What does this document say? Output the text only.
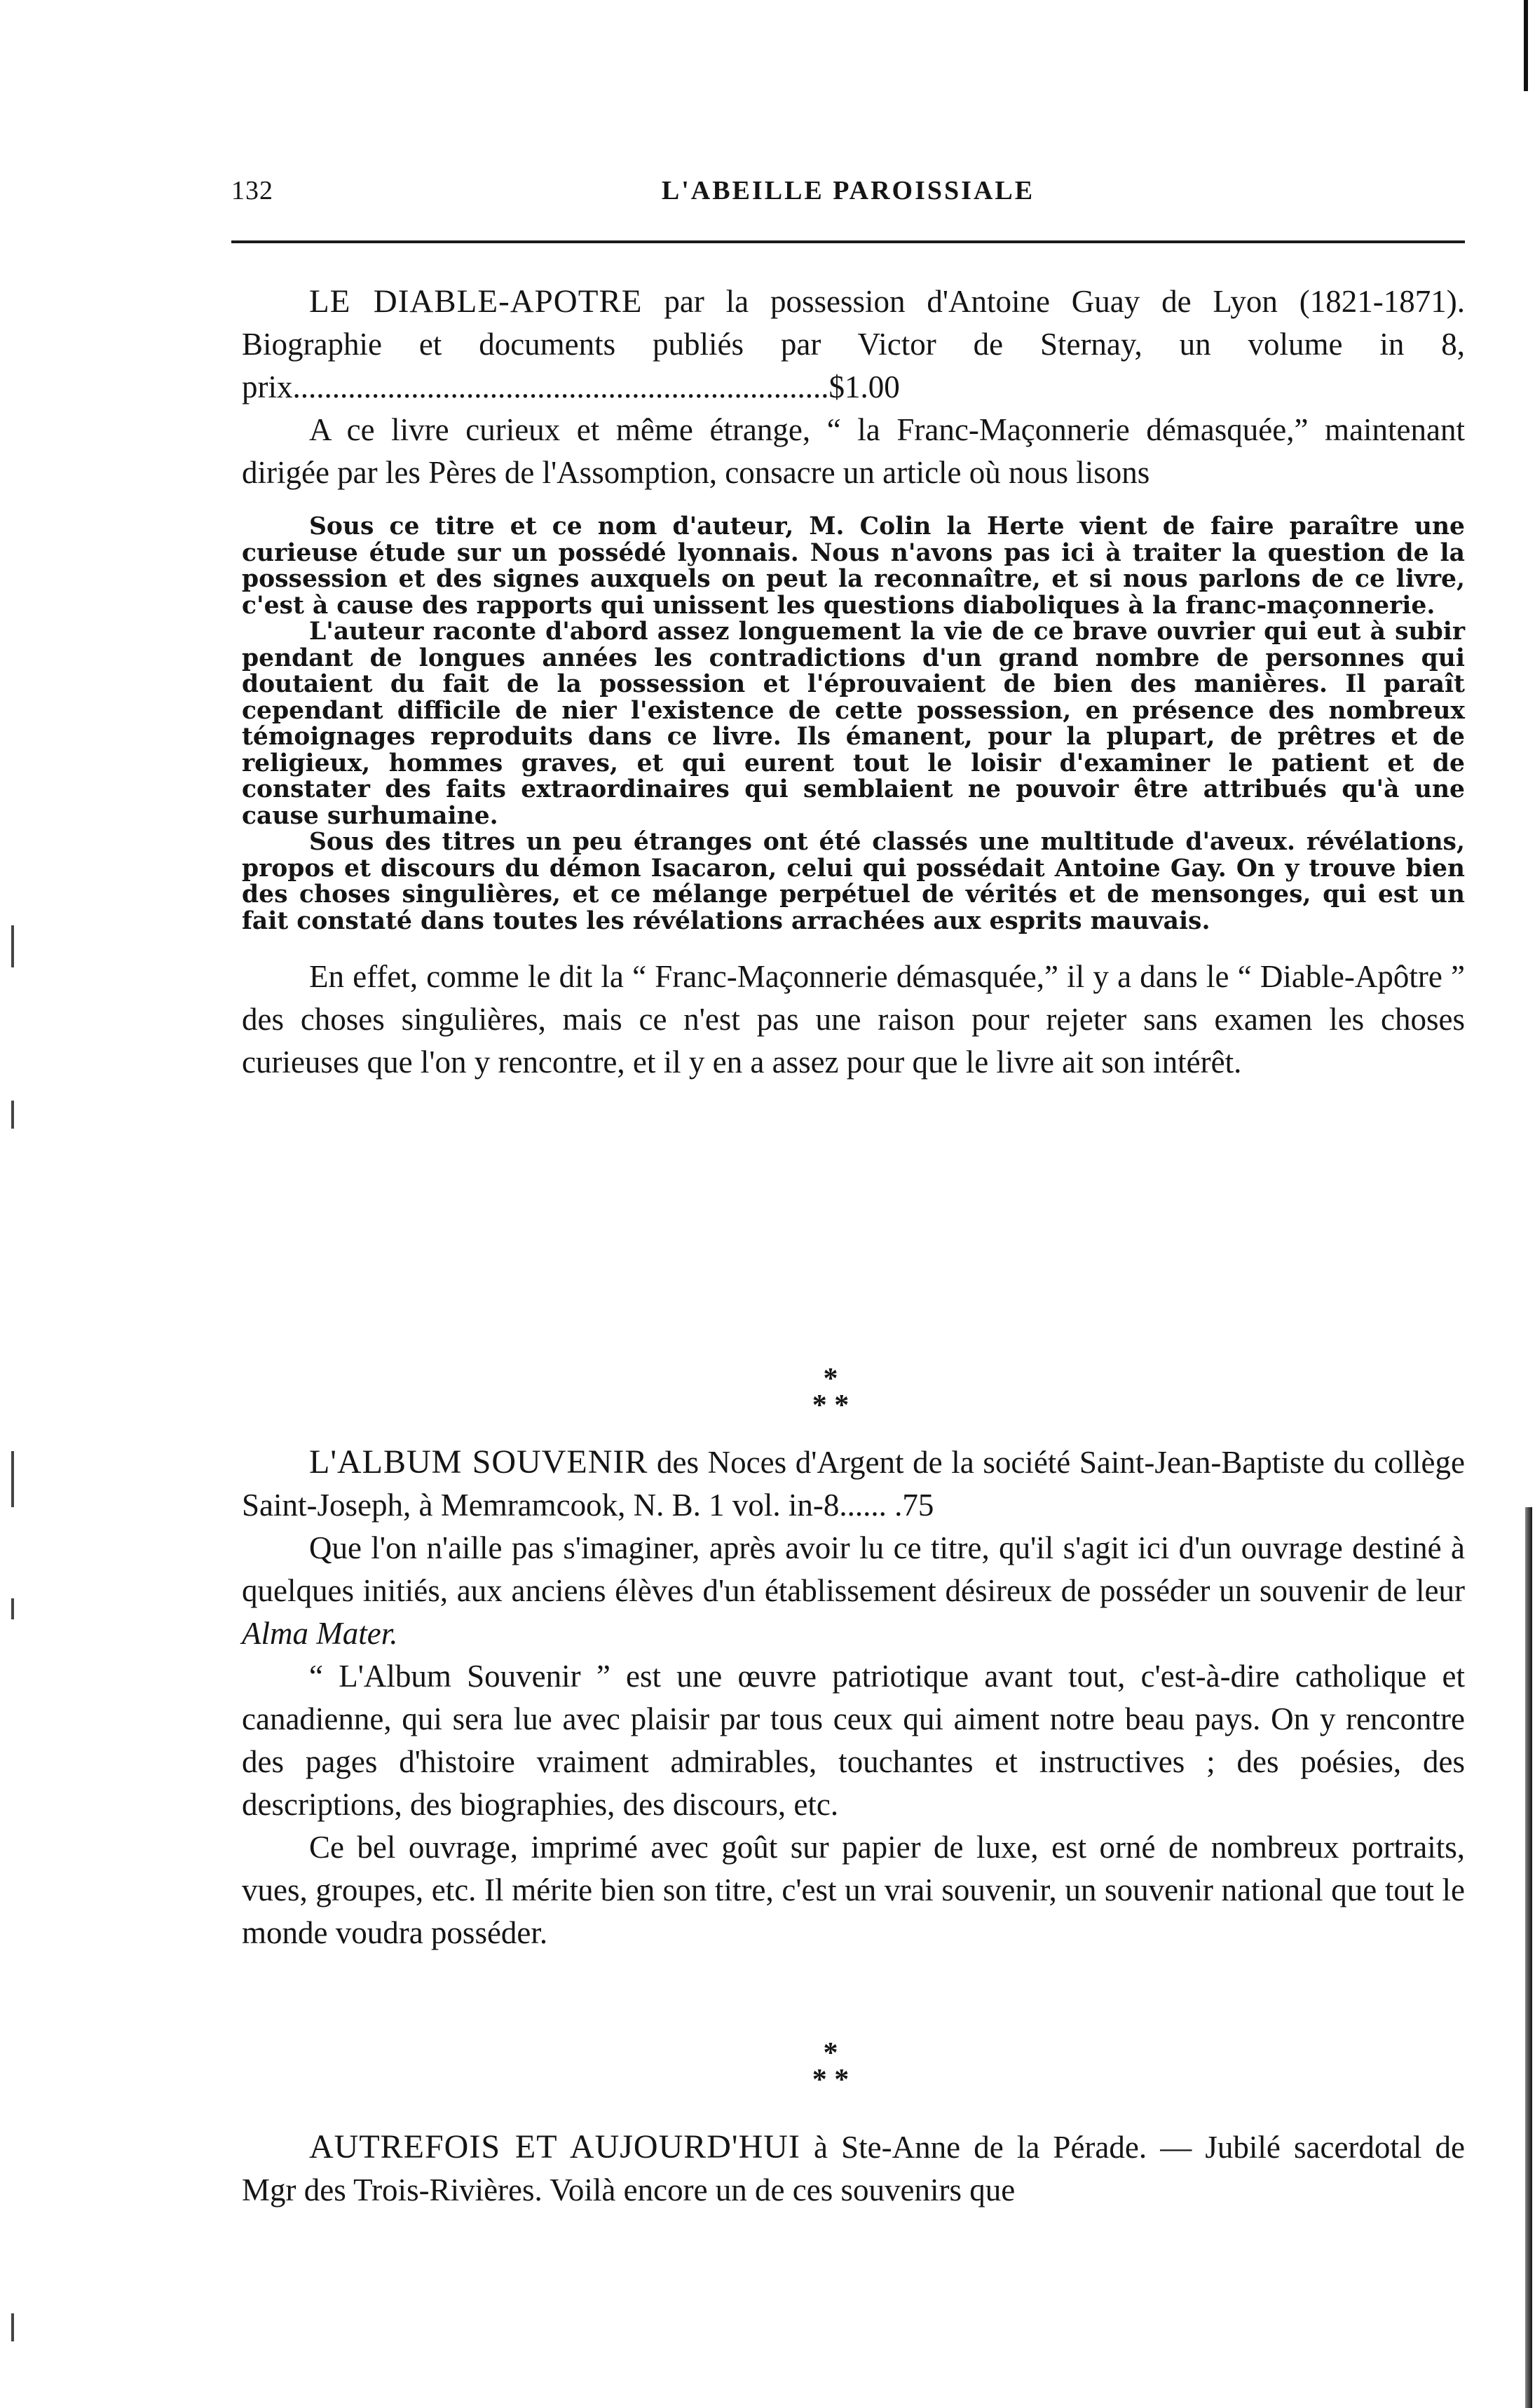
132	L'ABEILLE PAROISSIALE

LE DIABLE-APOTRE par la possession d'Antoine Guay de Lyon (1821-1871). Biographie et documents publiés par Victor de Sternay, un volume in 8, prix....................................................................$1.00

A ce livre curieux et même étrange, “ la Franc-Maçonnerie démasquée,” maintenant dirigée par les Pères de l'Assomption, consacre un article où nous lisons

Sous ce titre et ce nom d'auteur, M. Colin la Herte vient de faire paraître une curieuse étude sur un possédé lyonnais. Nous n'avons pas ici à traiter la question de la possession et des signes auxquels on peut la reconnaître, et si nous parlons de ce livre, c'est à cause des rapports qui unissent les questions diaboliques à la franc-maçonnerie.

L'auteur raconte d'abord assez longuement la vie de ce brave ouvrier qui eut à subir pendant de longues années les contradictions d'un grand nombre de personnes qui doutaient du fait de la possession et l'éprouvaient de bien des manières. Il paraît cependant difficile de nier l'existence de cette possession, en présence des nombreux témoignages reproduits dans ce livre. Ils émanent, pour la plupart, de prêtres et de religieux, hommes graves, et qui eurent tout le loisir d'examiner le patient et de constater des faits extraordinaires qui semblaient ne pouvoir être attribués qu'à une cause surhumaine.

Sous des titres un peu étranges ont été classés une multitude d'aveux. révélations, propos et discours du démon Isacaron, celui qui possédait Antoine Gay. On y trouve bien des choses singulières, et ce mélange perpétuel de vérités et de mensonges, qui est un fait constaté dans toutes les révélations arrachées aux esprits mauvais.

En effet, comme le dit la “ Franc-Maçonnerie démasquée,” il y a dans le “ Diable-Apôtre ” des choses singulières, mais ce n'est pas une raison pour rejeter sans examen les choses curieuses que l'on y rencontre, et il y en a assez pour que le livre ait son intérêt.

*
* *

L'ALBUM SOUVENIR des Noces d'Argent de la société Saint-Jean-Baptiste du collège Saint-Joseph, à Memramcook, N. B. 1 vol. in-8...... .75

Que l'on n'aille pas s'imaginer, après avoir lu ce titre, qu'il s'agit ici d'un ouvrage destiné à quelques initiés, aux anciens élèves d'un établissement désireux de posséder un souvenir de leur Alma Mater.

“ L'Album Souvenir ” est une œuvre patriotique avant tout, c'est-à-dire catholique et canadienne, qui sera lue avec plaisir par tous ceux qui aiment notre beau pays. On y rencontre des pages d'histoire vraiment admirables, touchantes et instructives ; des poésies, des descriptions, des biographies, des discours, etc.

Ce bel ouvrage, imprimé avec goût sur papier de luxe, est orné de nombreux portraits, vues, groupes, etc. Il mérite bien son titre, c'est un vrai souvenir, un souvenir national que tout le monde voudra posséder.

*
* *

AUTREFOIS ET AUJOURD'HUI à Ste-Anne de la Pérade. — Jubilé sacerdotal de Mgr des Trois-Rivières. Voilà encore un de ces souvenirs que
